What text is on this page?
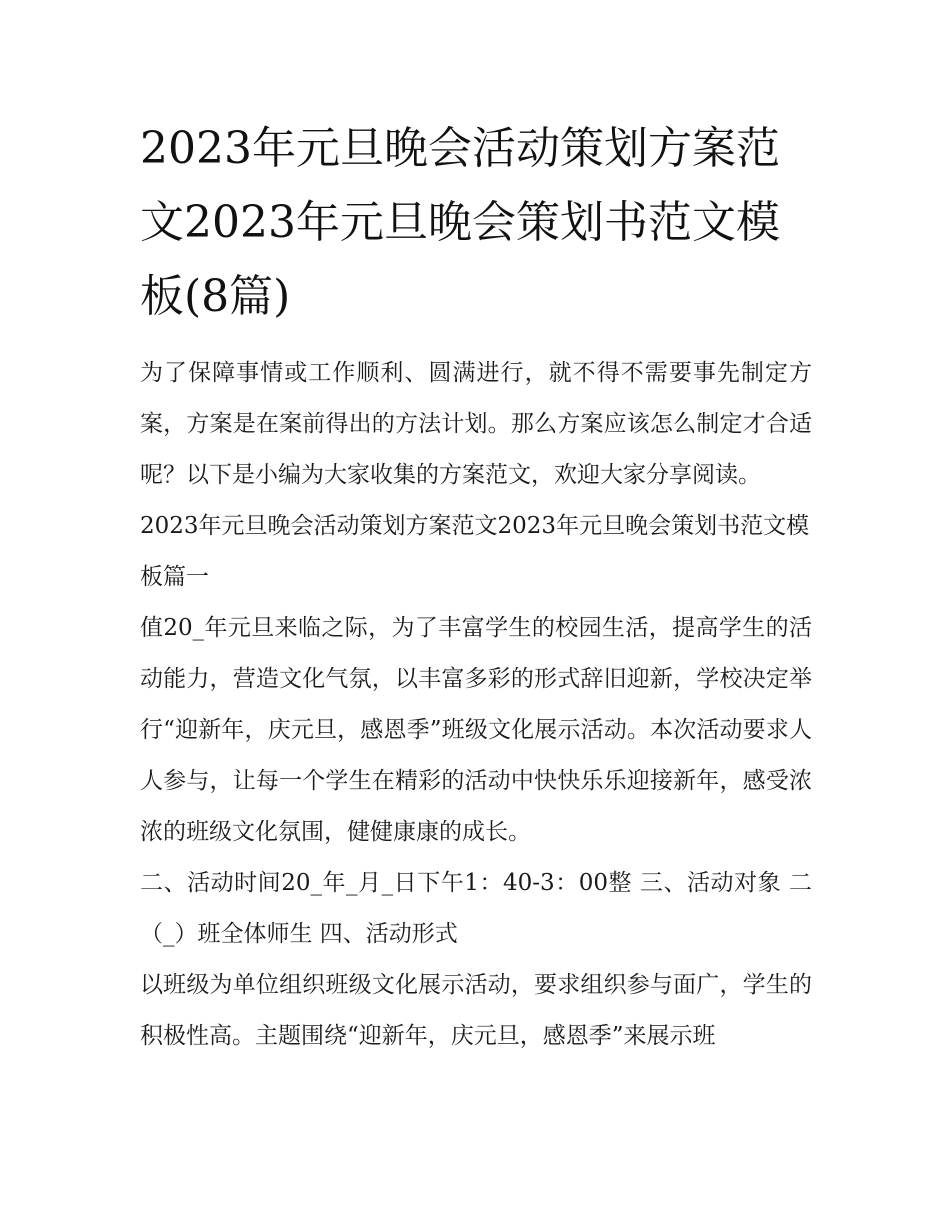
2023年元旦晚会活动策划方案范文2023年元旦晚会策划书范文模板(8篇)

为了保障事情或工作顺利、圆满进行，就不得不需要事先制定方案，方案是在案前得出的方法计划。那么方案应该怎么制定才合适呢？以下是小编为大家收集的方案范文，欢迎大家分享阅读。

2023年元旦晚会活动策划方案范文2023年元旦晚会策划书范文模板篇一

值20_年元旦来临之际，为了丰富学生的校园生活，提高学生的活动能力，营造文化气氛，以丰富多彩的形式辞旧迎新，学校决定举行“迎新年，庆元旦，感恩季”班级文化展示活动。本次活动要求人人参与，让每一个学生在精彩的活动中快快乐乐迎接新年，感受浓浓的班级文化氛围，健健康康的成长。

二、活动时间20_年_月_日下午1：40-3：00整 三、活动对象 二（_）班全体师生 四、活动形式

以班级为单位组织班级文化展示活动，要求组织参与面广，学生的积极性高。主题围绕“迎新年，庆元旦，感恩季”来展示班
